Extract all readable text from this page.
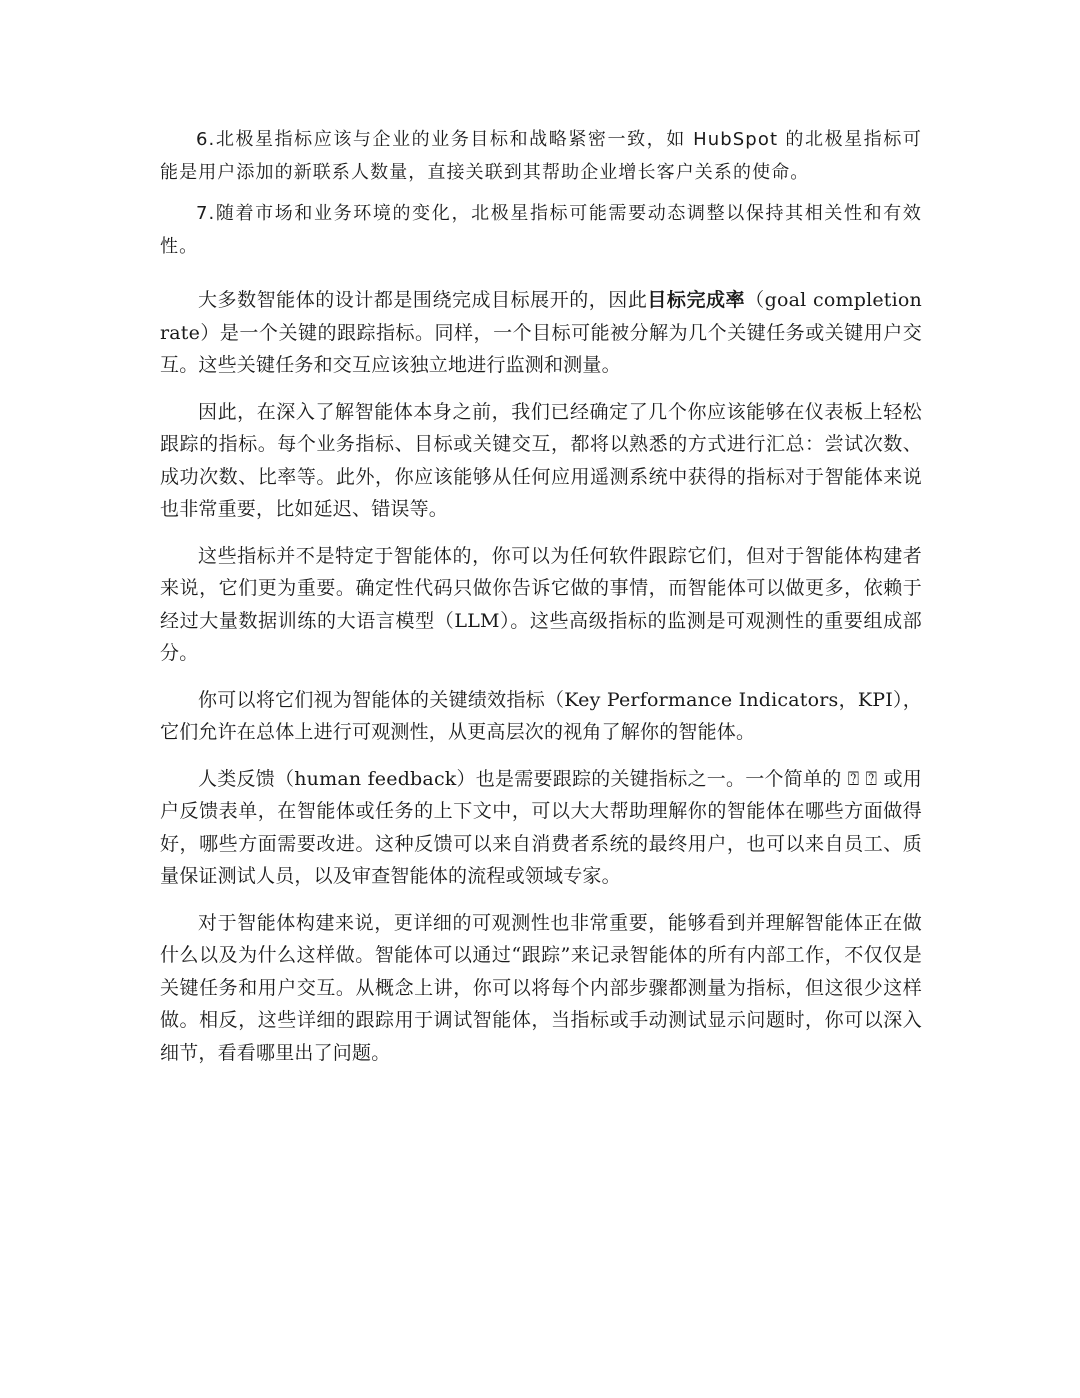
6.北极星指标应该与企业的业务目标和战略紧密一致，如 HubSpot 的北极星指标可能是用户添加的新联系人数量，直接关联到其帮助企业增长客户关系的使命。

7.随着市场和业务环境的变化，北极星指标可能需要动态调整以保持其相关性和有效性。

大多数智能体的设计都是围绕完成目标展开的，因此目标完成率（goal completion rate）是一个关键的跟踪指标。同样，一个目标可能被分解为几个关键任务或关键用户交互。这些关键任务和交互应该独立地进行监测和测量。

因此，在深入了解智能体本身之前，我们已经确定了几个你应该能够在仪表板上轻松跟踪的指标。每个业务指标、目标或关键交互，都将以熟悉的方式进行汇总：尝试次数、成功次数、比率等。此外，你应该能够从任何应用遥测系统中获得的指标对于智能体来说也非常重要，比如延迟、错误等。

这些指标并不是特定于智能体的，你可以为任何软件跟踪它们，但对于智能体构建者来说，它们更为重要。确定性代码只做你告诉它做的事情，而智能体可以做更多，依赖于经过大量数据训练的大语言模型（LLM）。这些高级指标的监测是可观测性的重要组成部分。

你可以将它们视为智能体的关键绩效指标（Key Performance Indicators，KPI），它们允许在总体上进行可观测性，从更高层次的视角了解你的智能体。

人类反馈（human feedback）也是需要跟踪的关键指标之一。一个简单的 ⍰ ⍰ 或用户反馈表单，在智能体或任务的上下文中，可以大大帮助理解你的智能体在哪些方面做得好，哪些方面需要改进。这种反馈可以来自消费者系统的最终用户，也可以来自员工、质量保证测试人员，以及审查智能体的流程或领域专家。

对于智能体构建来说，更详细的可观测性也非常重要，能够看到并理解智能体正在做什么以及为什么这样做。智能体可以通过“跟踪”来记录智能体的所有内部工作，不仅仅是关键任务和用户交互。从概念上讲，你可以将每个内部步骤都测量为指标，但这很少这样做。相反，这些详细的跟踪用于调试智能体，当指标或手动测试显示问题时，你可以深入细节，看看哪里出了问题。
